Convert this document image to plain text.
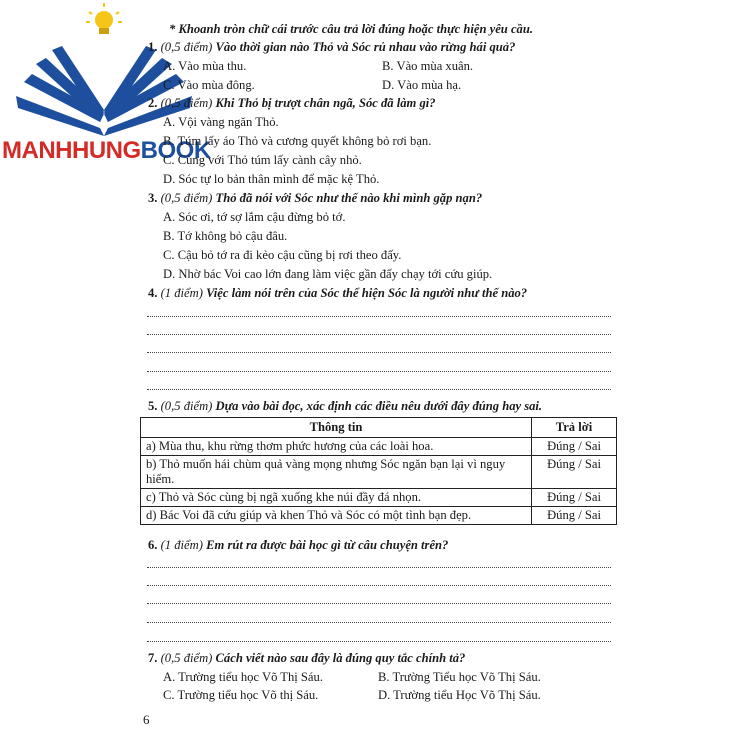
MANHHUNGBOOK
* Khoanh tròn chữ cái trước câu trả lời đúng hoặc thực hiện yêu cầu.
1. (0,5 điểm) Vào thời gian nào Thỏ và Sóc rủ nhau vào rừng hái quả?
A. Vào mùa thu.	B. Vào mùa xuân.
C. Vào mùa đông.	D. Vào mùa hạ.
2. (0,5 điểm) Khi Thỏ bị trượt chân ngã, Sóc đã làm gì?
A. Vội vàng ngăn Thỏ.
B. Túm lấy áo Thỏ và cương quyết không bỏ rơi bạn.
C. Cùng với Thỏ túm lấy cành cây nhỏ.
D. Sóc tự lo bản thân mình để mặc kệ Thỏ.
3. (0,5 điểm) Thỏ đã nói với Sóc như thế nào khi mình gặp nạn?
A. Sóc ơi, tớ sợ lắm cậu đừng bỏ tớ.
B. Tớ không bỏ cậu đâu.
C. Cậu bỏ tớ ra đi kẻo cậu cũng bị rơi theo đấy.
D. Nhờ bác Voi cao lớn đang làm việc gần đấy chạy tới cứu giúp.
4. (1 điểm) Việc làm nói trên của Sóc thể hiện Sóc là người như thế nào?
5. (0,5 điểm) Dựa vào bài đọc, xác định các điều nêu dưới đây đúng hay sai.
Thông tin	Trả lời
a) Mùa thu, khu rừng thơm phức hương của các loài hoa.	Đúng / Sai
b) Thỏ muốn hái chùm quả vàng mọng nhưng Sóc ngăn bạn lại vì nguy hiểm.	Đúng / Sai
c) Thỏ và Sóc cùng bị ngã xuống khe núi đầy đá nhọn.	Đúng / Sai
d) Bác Voi đã cứu giúp và khen Thỏ và Sóc có một tình bạn đẹp.	Đúng / Sai
6. (1 điểm) Em rút ra được bài học gì từ câu chuyện trên?
7. (0,5 điểm) Cách viết nào sau đây là đúng quy tắc chính tả?
A. Trường tiểu học Võ Thị Sáu.	B. Trường Tiểu học Võ Thị Sáu.
C. Trường tiểu học Võ thị Sáu.	D. Trường tiểu Học Võ Thị Sáu.
6
